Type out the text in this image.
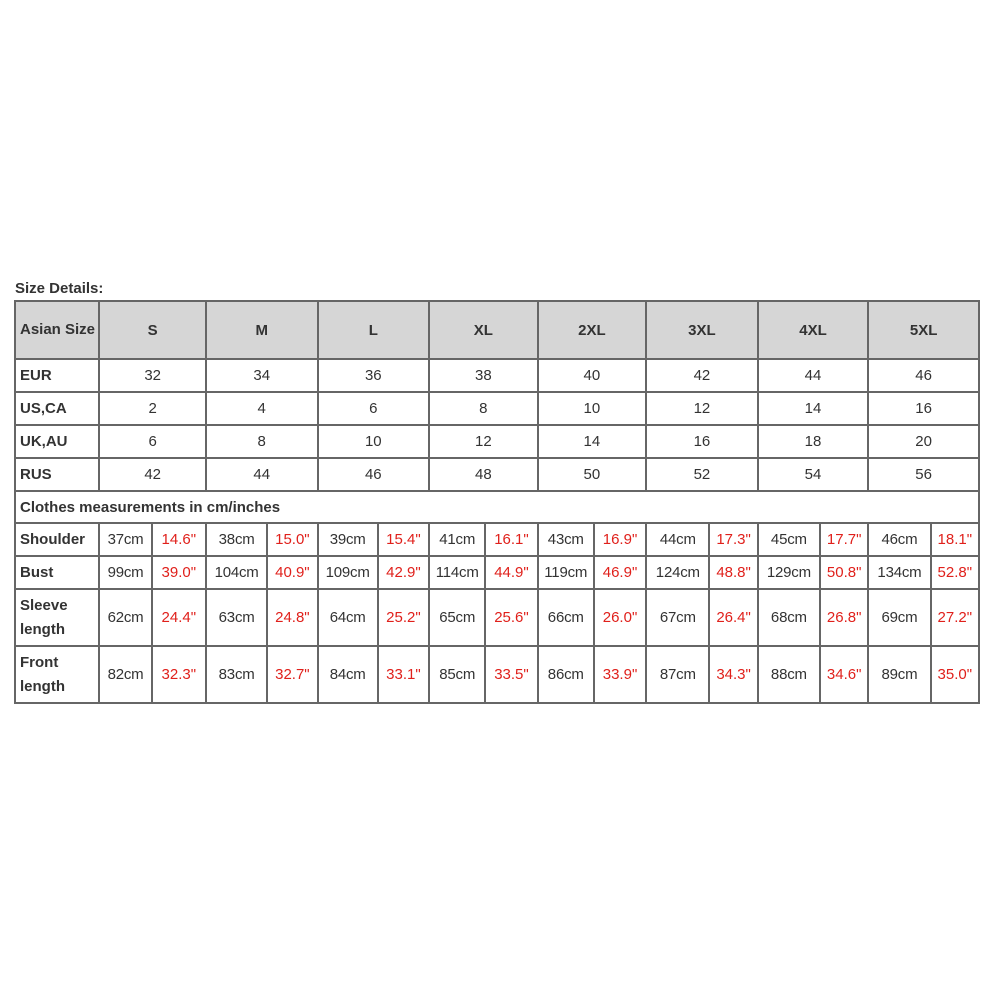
Size Details:
Asian Size	S		M		L		XL		2XL		3XL		4XL		5XL	
EUR	32		34		36		38		40		42		44		46	
US,CA	2		4		6		8		10		12		14		16	
UK,AU	6		8		10		12		14		16		18		20	
RUS	42		44		46		48		50		52		54		56	
Clothes measurements in cm/inches																
Shoulder	37cm	14.6"	38cm	15.0"	39cm	15.4"	41cm	16.1"	43cm	16.9"	44cm	17.3"	45cm	17.7"	46cm	18.1"
Bust	99cm	39.0"	104cm	40.9"	109cm	42.9"	114cm	44.9"	119cm	46.9"	124cm	48.8"	129cm	50.8"	134cm	52.8"
Sleeve length	62cm	24.4"	63cm	24.8"	64cm	25.2"	65cm	25.6"	66cm	26.0"	67cm	26.4"	68cm	26.8"	69cm	27.2"
Front length	82cm	32.3"	83cm	32.7"	84cm	33.1"	85cm	33.5"	86cm	33.9"	87cm	34.3"	88cm	34.6"	89cm	35.0"
